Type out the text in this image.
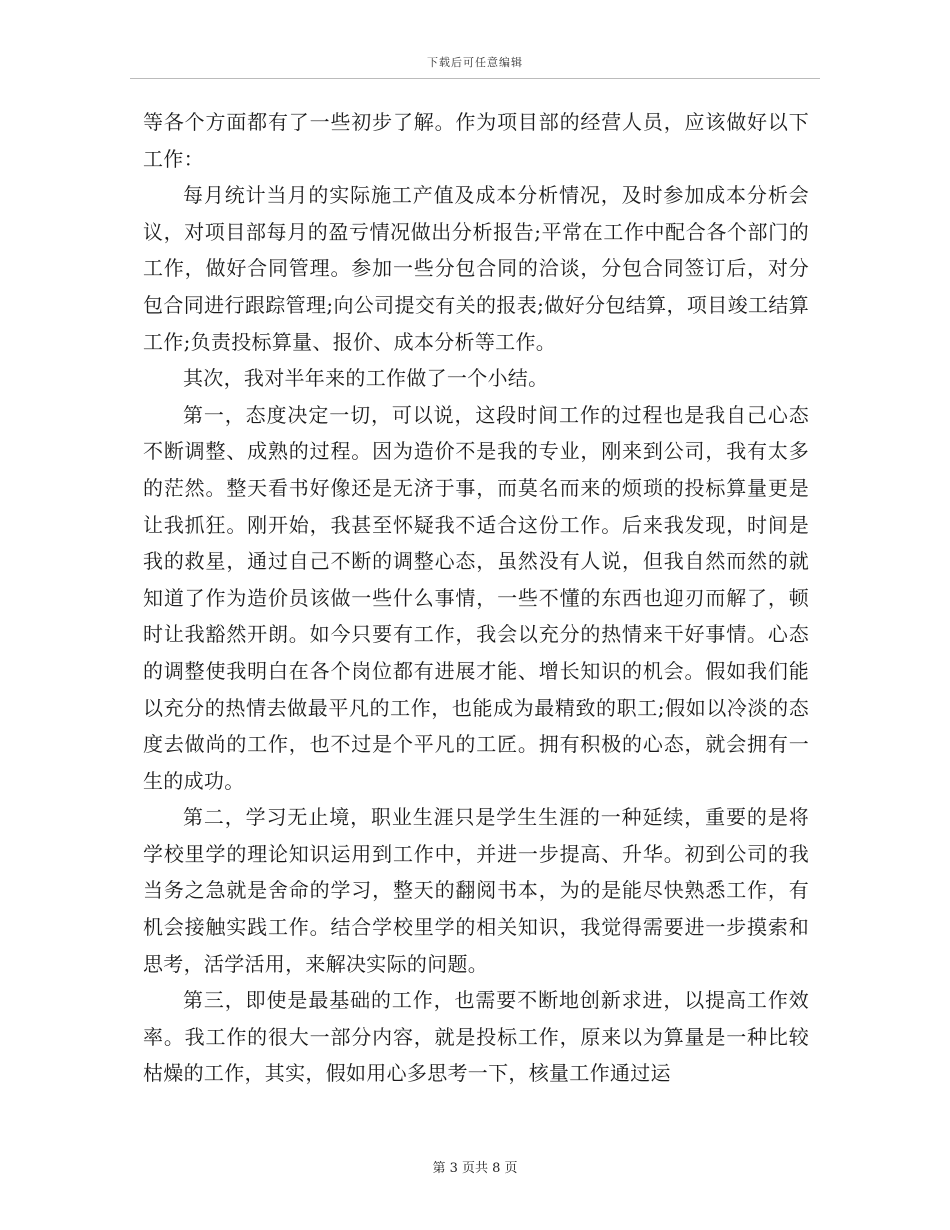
下载后可任意编辑

等各个方面都有了一些初步了解。作为项目部的经营人员，应该做好以下工作：

每月统计当月的实际施工产值及成本分析情况，及时参加成本分析会议，对项目部每月的盈亏情况做出分析报告;平常在工作中配合各个部门的工作，做好合同管理。参加一些分包合同的洽谈，分包合同签订后，对分包合同进行跟踪管理;向公司提交有关的报表;做好分包结算，项目竣工结算工作;负责投标算量、报价、成本分析等工作。

其次，我对半年来的工作做了一个小结。

第一，态度决定一切，可以说，这段时间工作的过程也是我自己心态不断调整、成熟的过程。因为造价不是我的专业，刚来到公司，我有太多的茫然。整天看书好像还是无济于事，而莫名而来的烦琐的投标算量更是让我抓狂。刚开始，我甚至怀疑我不适合这份工作。后来我发现，时间是我的救星，通过自己不断的调整心态，虽然没有人说，但我自然而然的就知道了作为造价员该做一些什么事情，一些不懂的东西也迎刃而解了，顿时让我豁然开朗。如今只要有工作，我会以充分的热情来干好事情。心态的调整使我明白在各个岗位都有进展才能、增长知识的机会。假如我们能以充分的热情去做最平凡的工作，也能成为最精致的职工;假如以冷淡的态度去做尚的工作，也不过是个平凡的工匠。拥有积极的心态，就会拥有一生的成功。

第二，学习无止境，职业生涯只是学生生涯的一种延续，重要的是将学校里学的理论知识运用到工作中，并进一步提高、升华。初到公司的我当务之急就是舍命的学习，整天的翻阅书本，为的是能尽快熟悉工作，有机会接触实践工作。结合学校里学的相关知识，我觉得需要进一步摸索和思考，活学活用，来解决实际的问题。

第三，即使是最基础的工作，也需要不断地创新求进，以提高工作效率。我工作的很大一部分内容，就是投标工作，原来以为算量是一种比较枯燥的工作，其实，假如用心多思考一下，核量工作通过运

第 3 页共 8 页
